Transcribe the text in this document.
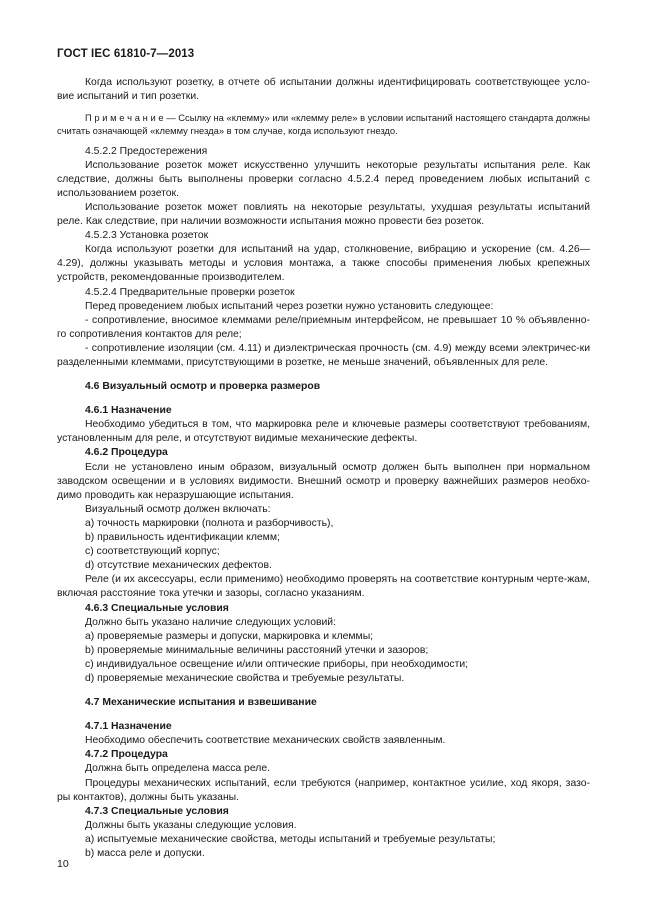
ГОСТ IEC 61810-7—2013

Когда используют розетку, в отчете об испытании должны идентифицировать соответствующее усло-вие испытаний и тип розетки.

П р и м е ч а н и е — Ссылку на «клемму» или «клемму реле» в условии испытаний настоящего стандарта должны считать означающей «клемму гнезда» в том случае, когда используют гнездо.

4.5.2.2 Предостережения

Использование розеток может искусственно улучшить некоторые результаты испытания реле. Как следствие, должны быть выполнены проверки согласно 4.5.2.4 перед проведением любых испытаний с использованием розеток.

Использование розеток может повлиять на некоторые результаты, ухудшая результаты испытаний реле. Как следствие, при наличии возможности испытания можно провести без розеток.

4.5.2.3 Установка розеток

Когда используют розетки для испытаний на удар, столкновение, вибрацию и ускорение (см. 4.26—4.29), должны указывать методы и условия монтажа, а также способы применения любых крепежных устройств, рекомендованные производителем.

4.5.2.4 Предварительные проверки розеток

Перед проведением любых испытаний через розетки нужно установить следующее:

- сопротивление, вносимое клеммами реле/приемным интерфейсом, не превышает 10 % объявленно-го сопротивления контактов для реле;

- сопротивление изоляции (см. 4.11) и диэлектрическая прочность (см. 4.9) между всеми электричес-ки разделенными клеммами, присутствующими в розетке, не меньше значений, объявленных для реле.

4.6 Визуальный осмотр и проверка размеров

4.6.1 Назначение

Необходимо убедиться в том, что маркировка реле и ключевые размеры соответствуют требованиям, установленным для реле, и отсутствуют видимые механические дефекты.

4.6.2 Процедура

Если не установлено иным образом, визуальный осмотр должен быть выполнен при нормальном заводском освещении и в условиях видимости. Внешний осмотр и проверку важнейших размеров необхо-димо проводить как неразрушающие испытания.

Визуальный осмотр должен включать:

a) точность маркировки (полнота и разборчивость),

b) правильность идентификации клемм;

c) соответствующий корпус;

d) отсутствие механических дефектов.

Реле (и их аксессуары, если применимо) необходимо проверять на соответствие контурным черте-жам, включая расстояние тока утечки и зазоры, согласно указаниям.

4.6.3 Специальные условия

Должно быть указано наличие следующих условий:

a) проверяемые размеры и допуски, маркировка и клеммы;

b) проверяемые минимальные величины расстояний утечки и зазоров;

c) индивидуальное освещение и/или оптические приборы, при необходимости;

d) проверяемые механические свойства и требуемые результаты.

4.7 Механические испытания и взвешивание

4.7.1 Назначение

Необходимо обеспечить соответствие механических свойств заявленным.

4.7.2 Процедура

Должна быть определена масса реле.

Процедуры механических испытаний, если требуются (например, контактное усилие, ход якоря, зазо-ры контактов), должны быть указаны.

4.7.3 Специальные условия

Должны быть указаны следующие условия.

a) испытуемые механические свойства, методы испытаний и требуемые результаты;

b) масса реле и допуски.

10
